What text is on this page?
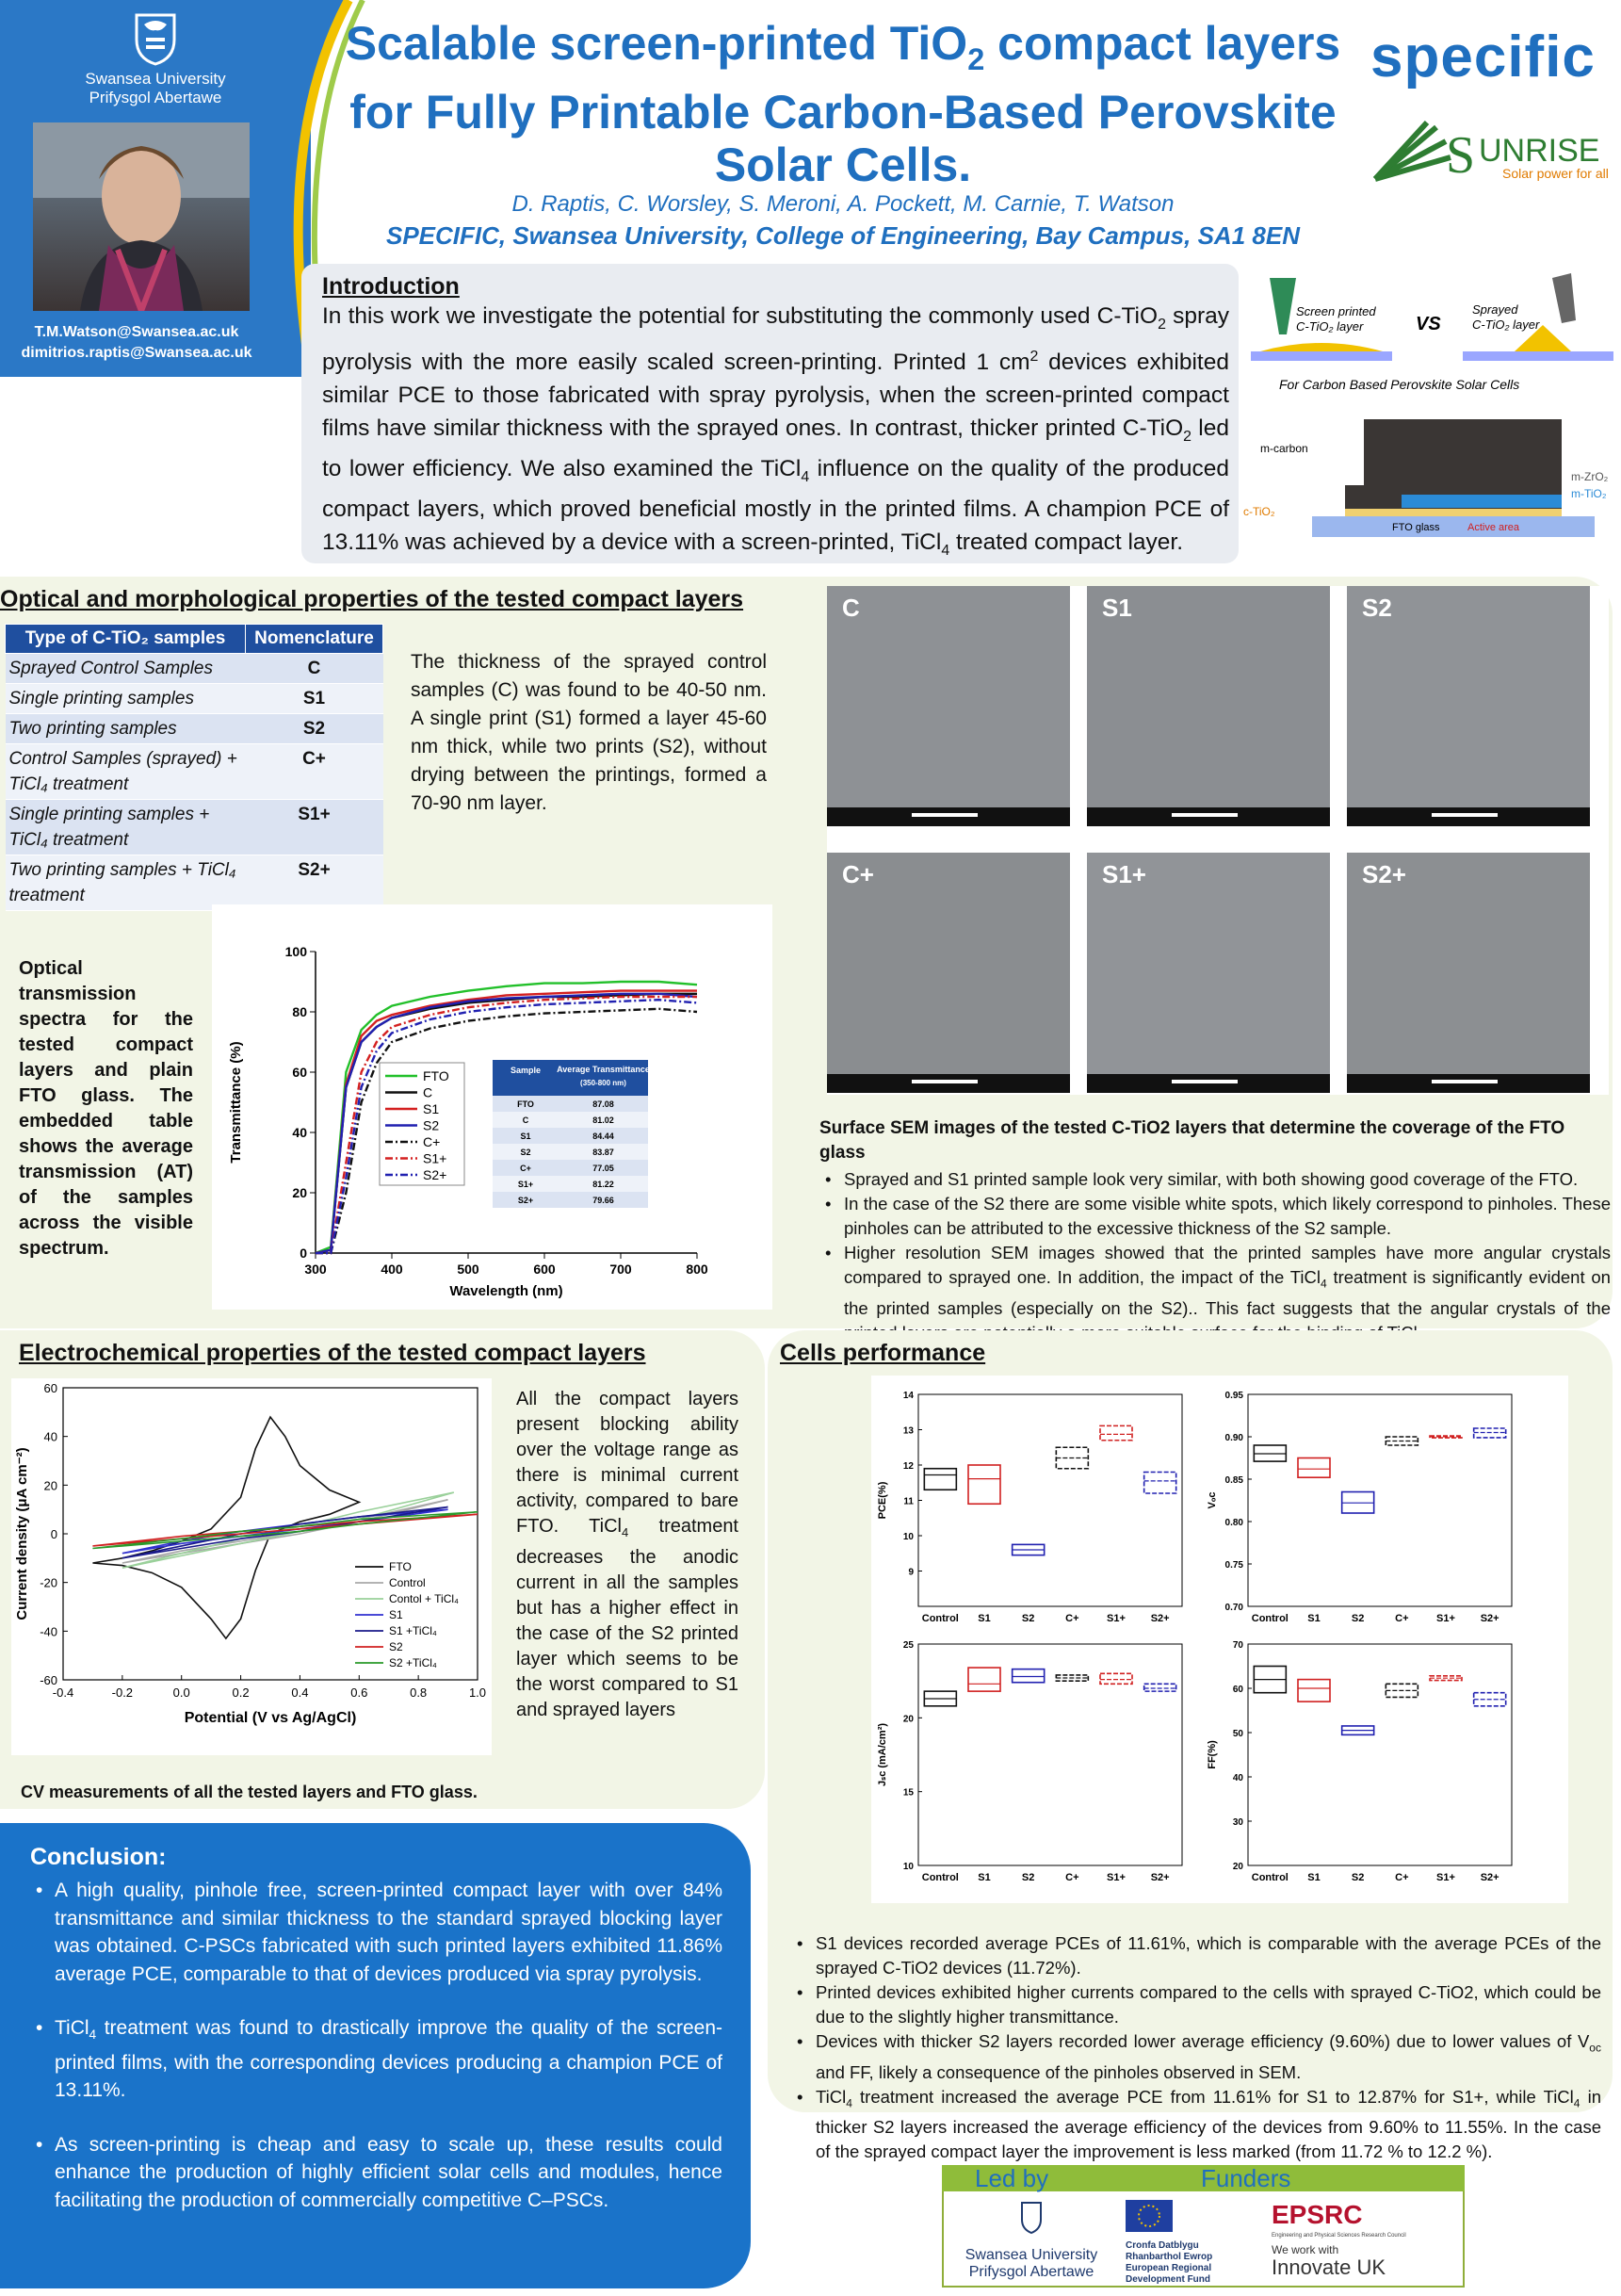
Swansea University
Prifysgol Abertawe
T.M.Watson@Swansea.ac.uk
dimitrios.raptis@Swansea.ac.uk
Scalable screen-printed TiO$_2$ compact layers
for Fully Printable Carbon-Based Perovskite
Solar Cells.
D. Raptis, C. Worsley, S. Meroni, A. Pockett, M. Carnie, T. Watson
SPECIFIC, Swansea University, College of Engineering, Bay Campus, SA1 8EN
specific
S UNRISE
Solar power for all
Introduction

In this work we investigate the potential for substituting the commonly used C-TiO$_2$ spray pyrolysis with the more easily scaled screen-printing. Printed 1 $cm^2$ devices exhibited similar PCE to those fabricated with spray pyrolysis, when the screen-printed compact films have similar thickness with the sprayed ones. In contrast, thicker printed C-TiO$_2$ led to lower efficiency. We also examined the TiCl$_4$ influence on the quality of the produced compact layers, which proved beneficial mostly in the printed films. A champion PCE of 13.11% was achieved by a device with a screen-printed, TiCl$_4$ treated compact layer.

Screen printed
C-TiO₂ layer	VS
Sprayed
C-TiO₂ layer
For Carbon Based Perovskite Solar Cells
FTO glass	Active area
m-carbon
m-ZrO₂
m-TiO₂
c-TiO₂
Optical and morphological properties of the tested compact layers
Type of C-TiO₂ samples	Nomenclature
Sprayed Control Samples	C
Single printing samples	S1
Two printing samples	S2
Control Samples (sprayed) + TiCl₄ treatment	C+
Single printing samples + TiCl₄ treatment	S1+
Two printing samples + TiCl₄ treatment	S2+
The thickness of the sprayed control samples (C) was found to be 40-50 nm. A single print (S1) formed a layer 45-60 nm thick, while two prints (S2), without drying between the printings, formed a 70-90 nm layer.
C	S1	S2
C+	S1+	S2+
Optical transmission spectra for the tested compact layers and plain FTO glass. The embedded table shows the average transmission (AT) of the samples across the visible spectrum.
300	400	500	600	700	800
0
20
40
60
80
100
Wavelength (nm)
Transmittance (%)	FTO
C
S1
S2
C+
S1+
S2+
Sample Average Transmittance
(350-800 nm)
FTO	87.08
C	81.02
S1	84.44
S2	83.87
C+	77.05
S1+	81.22
S2+	79.66
Surface SEM images of the tested C-TiO2 layers that determine the coverage of the FTO glass
• Sprayed and S1 printed sample look very similar, with both showing good coverage of the FTO.
• In the case of the S2 there are some visible white spots, which likely correspond to pinholes. These pinholes can be attributed to the excessive thickness of the S2 sample.
• Higher resolution SEM images showed that the printed samples have more angular crystals compared to sprayed one. In addition, the impact of the TiCl$_4$ treatment is significantly evident on the printed samples (especially on the S2).. This fact suggests that the angular crystals of the
Electrochemical properties of the tested compact layers
-0.4	-0.2	0.0	0.2	0.4	0.6	0.8	1.0
-60
-40
-20
0
20
40
60
Potential (V vs Ag/AgCl)
Current density (μA cm⁻²)	FTO
Control
Contol + TiCl₄
S1
S1 +TiCl₄
S2
S2 +TiCl₄
All the compact layers present blocking ability over the voltage range as there is minimal current activity, compared to bare FTO. TiCl$_4$ treatment decreases the anodic current in all the samples but has a higher effect in the case of the S2 printed layer which seems to be the worst compared to S1 and sprayed layers
CV measurements of all the tested layers and FTO glass.
Cells performance
9
10
11
12
13
14
PCE(%)
Control S1	S2	C+	S1+ S2+
0.70
0.75
0.80
0.85
0.90
0.95
Vₒc
Control S1	S2	C+	S1+ S2+
10
15
20
25
Jₛc (mA/cm²)
Control S1	S2	C+	S1+ S2+
20
30
40
50
60
70
FF(%)
Control S1	S2	C+	S1+ S2+
• S1 devices recorded average PCEs of 11.61%, which is comparable with the average PCEs of the sprayed C-TiO2 devices (11.72%).
• Printed devices exhibited higher currents compared to the cells with sprayed C-TiO2, which could be due to the slightly higher transmittance.
• Devices with thicker S2 layers recorded lower average efficiency (9.60%) due to lower values of $V_{oc}$ and FF, likely a consequence of the pinholes observed in SEM.
• TiCl$_4$ treatment increased the average PCE from 11.61% for S1 to 12.87% for S1+, while TiCl$_4$ in thicker S2 layers increased the average efficiency of the devices from 9.60% to 11.55%. In the case of the sprayed compact layer the improvement is less marked (from 11.72 % to 12.2 %).
Conclusion:
• A high quality, pinhole free, screen-printed compact layer with over 84% transmittance and similar thickness to the standard sprayed blocking layer was obtained. C-PSCs fabricated with such printed layers exhibited 11.86% average PCE, comparable to that of devices produced via spray pyrolysis.
• TiCl$_4$ treatment was found to drastically improve the quality of the screen-printed films, with the corresponding devices producing a champion PCE of 13.11%.
• As screen-printing is cheap and easy to scale up, these results could enhance the production of highly efficient solar cells and modules, hence facilitating the production of commercially competitive C–PSCs.
Led by	Funders
Swansea University
Prifysgol Abertawe
Cronfa Datblygu
Rhanbarthol Ewrop
European Regional
Development Fund
EPSRC
Engineering and Physical Sciences Research Council
We work with
Innovate UK
